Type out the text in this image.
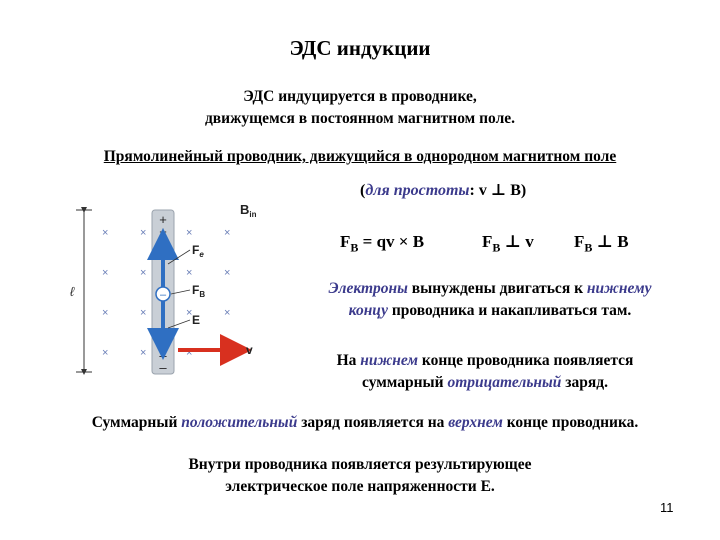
ЭДС индукции
ЭДС индуцируется в проводнике,
движущемся в постоянном магнитном поле.
Прямолинейный проводник, движущийся в однородном магнитном поле
(для простоты: v ⊥ B)
$F_B$ = qv × B	$F_B$ ⊥ v $F_B$ ⊥ B
Электроны вынуждены двигаться к нижнему
концу проводника и накапливаться там.
На нижнем конце проводника появляется
суммарный отрицательный заряд.
Суммарный положительный заряд появляется на верхнем конце проводника.
Внутри проводника появляется результирующее
электрическое поле напряженности E.
11
ℓ
×	×	×	×
×	×	×	×
×	×	×	×
×	×	×	×
$B_{in}$
+
+
–
–
–
$F_e$
$F_B$
E
v
